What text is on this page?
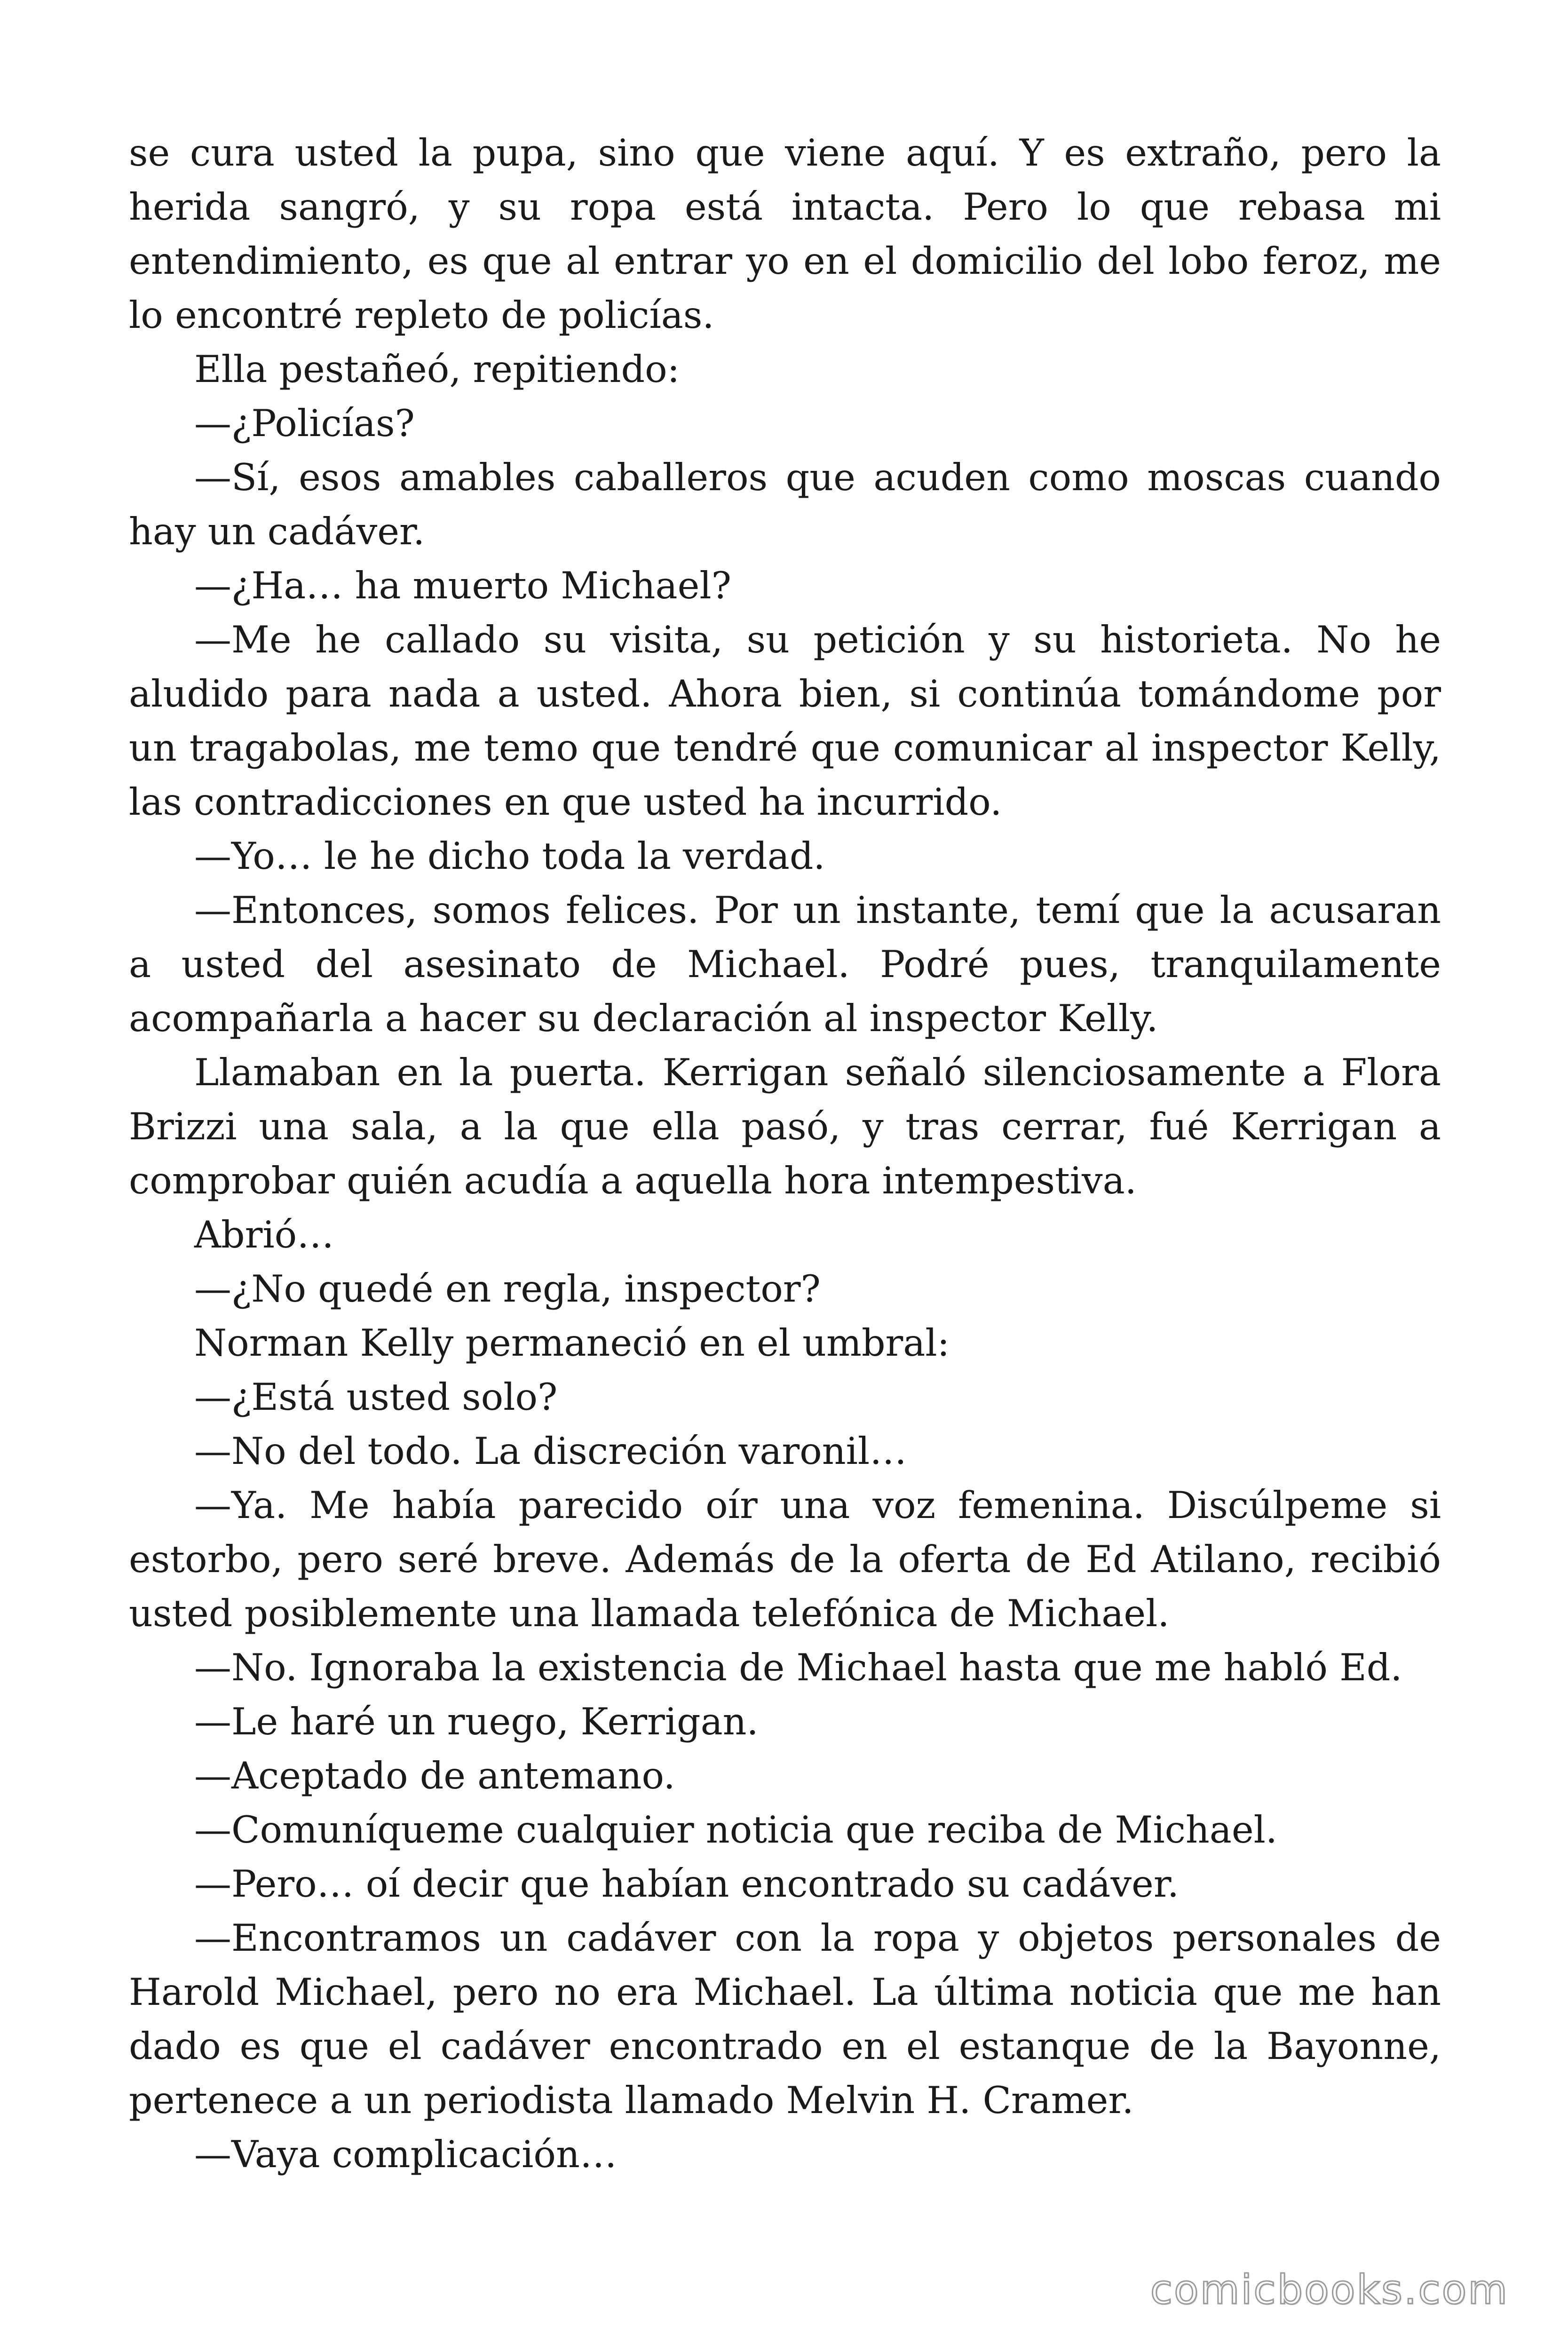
se cura usted la pupa, sino que viene aquí. Y es extraño, pero la herida sangró, y su ropa está intacta. Pero lo que rebasa mi entendimiento, es que al entrar yo en el domicilio del lobo feroz, me lo encontré repleto de policías.

Ella pestañeó, repitiendo:

—¿Policías?

—Sí, esos amables caballeros que acuden como moscas cuando hay un cadáver.

—¿Ha… ha muerto Michael?

—Me he callado su visita, su petición y su historieta. No he aludido para nada a usted. Ahora bien, si continúa tomándome por un tragabolas, me temo que tendré que comunicar al inspector Kelly, las contradicciones en que usted ha incurrido.

—Yo… le he dicho toda la verdad.

—Entonces, somos felices. Por un instante, temí que la acusaran a usted del asesinato de Michael. Podré pues, tranquilamente acompañarla a hacer su declaración al inspector Kelly.

Llamaban en la puerta. Kerrigan señaló silenciosamente a Flora Brizzi una sala, a la que ella pasó, y tras cerrar, fué Kerrigan a comprobar quién acudía a aquella hora intempestiva.

Abrió…

—¿No quedé en regla, inspector?

Norman Kelly permaneció en el umbral:

—¿Está usted solo?

—No del todo. La discreción varonil…

—Ya. Me había parecido oír una voz femenina. Discúlpeme si estorbo, pero seré breve. Además de la oferta de Ed Atilano, recibió usted posiblemente una llamada telefónica de Michael.

—No. Ignoraba la existencia de Michael hasta que me habló Ed.

—Le haré un ruego, Kerrigan.

—Aceptado de antemano.

—Comuníqueme cualquier noticia que reciba de Michael.

—Pero… oí decir que habían encontrado su cadáver.

—Encontramos un cadáver con la ropa y objetos personales de Harold Michael, pero no era Michael. La última noticia que me han dado es que el cadáver encontrado en el estanque de la Bayonne, pertenece a un periodista llamado Melvin H. Cramer.

—Vaya complicación…

comicbooks.com
